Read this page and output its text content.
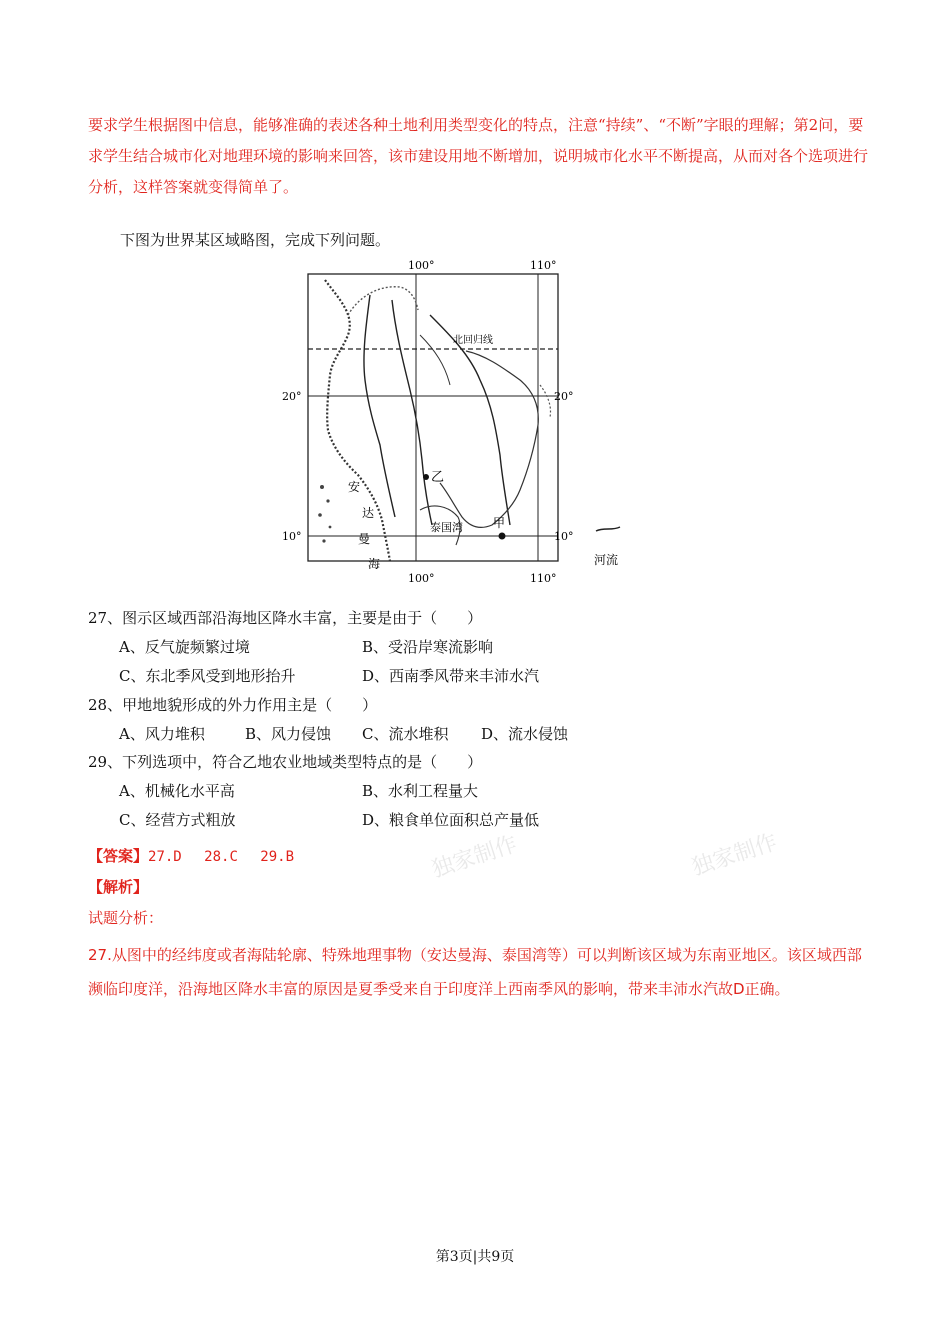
独家制作	独家制作
要求学生根据图中信息，能够准确的表述各种土地利用类型变化的特点，注意“持续”、“不断”字眼的理解；第2问，要求学生结合城市化对地理环境的影响来回答，该市建设用地不断增加，说明城市化水平不断提高，从而对各个选项进行分析，这样答案就变得简单了。
下图为世界某区域略图，完成下列问题。
100°	110°
100°	110°
20°
10°
20°
10°
北回归线
乙
甲
安
达
曼
海
泰国湾
河流
27、图示区域西部沿海地区降水丰富，主要是由于（　　）
A、反气旋频繁过境	B、受沿岸寒流影响
C、东北季风受到地形抬升	D、西南季风带来丰沛水汽
28、甲地地貌形成的外力作用主是（　　）
A、风力堆积	B、风力侵蚀 C、流水堆积 D、流水侵蚀
29、下列选项中，符合乙地农业地域类型特点的是（　　）
A、机械化水平高	B、水利工程量大
C、经营方式粗放	D、粮食单位面积总产量低
【答案】27.D　 28.C　 29.B
【解析】
试题分析：
27.从图中的经纬度或者海陆轮廓、特殊地理事物（安达曼海、泰国湾等）可以判断该区域为东南亚地区。该区域西部濒临印度洋，沿海地区降水丰富的原因是夏季受来自于印度洋上西南季风的影响，带来丰沛水汽故D正确。
第3页|共9页
